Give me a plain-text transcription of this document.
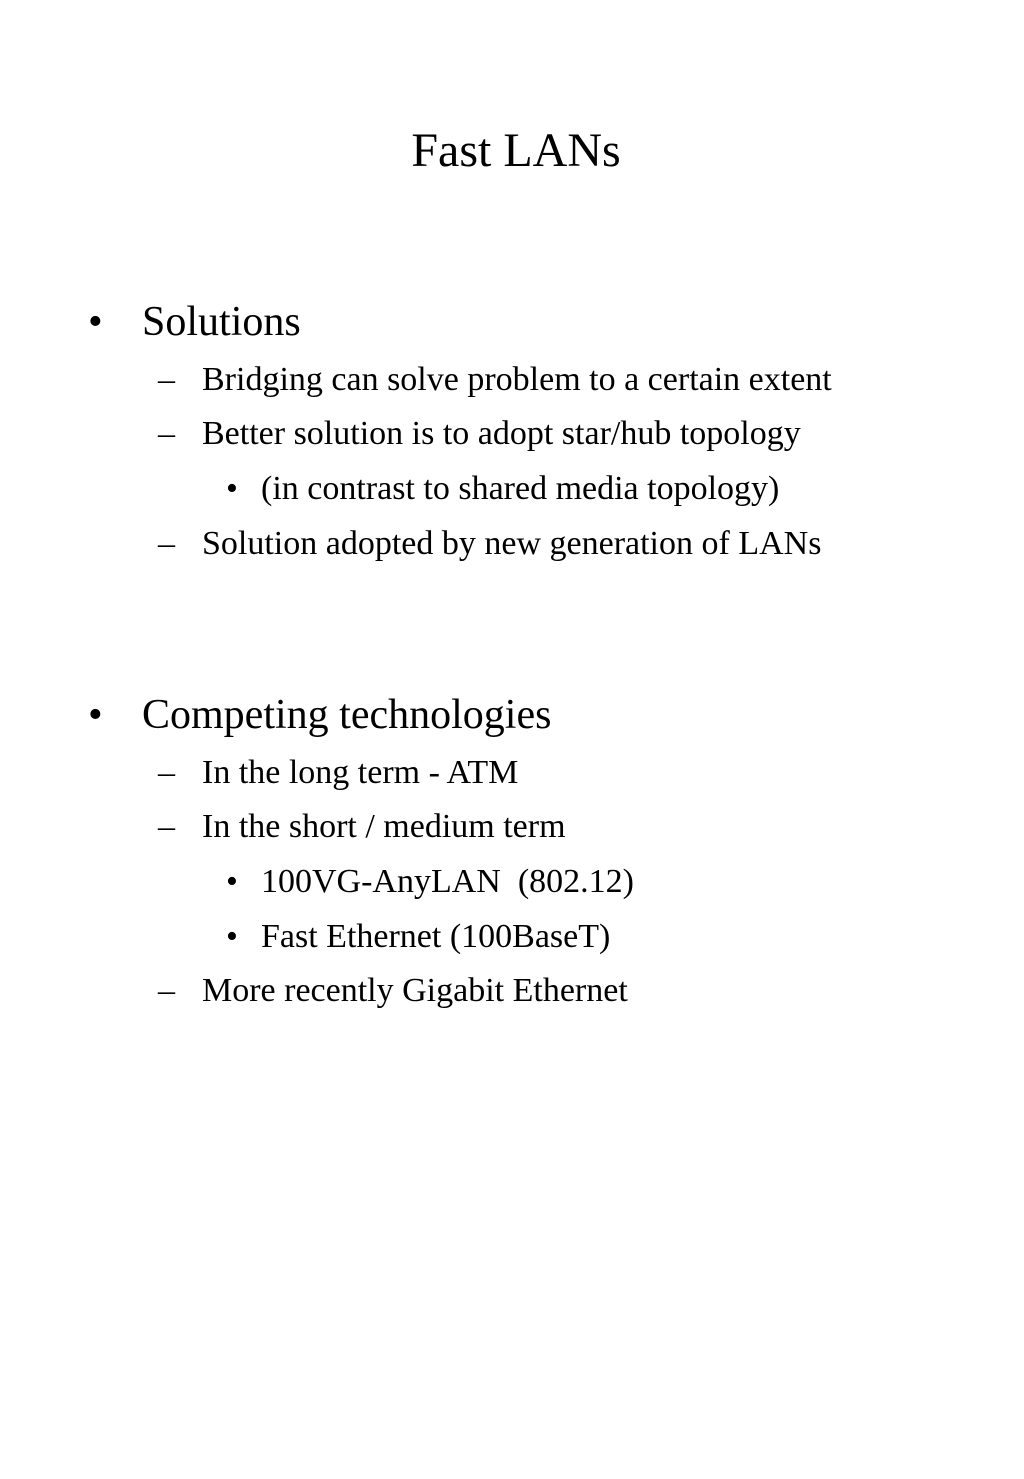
Fast LANs
• Solutions
– Bridging can solve problem to a certain extent
– Better solution is to adopt star/hub topology
• (in contrast to shared media topology)
– Solution adopted by new generation of LANs
• Competing technologies
– In the long term - ATM
– In the short / medium term
• 100VG-AnyLAN  (802.12)
• Fast Ethernet (100BaseT)
– More recently Gigabit Ethernet
